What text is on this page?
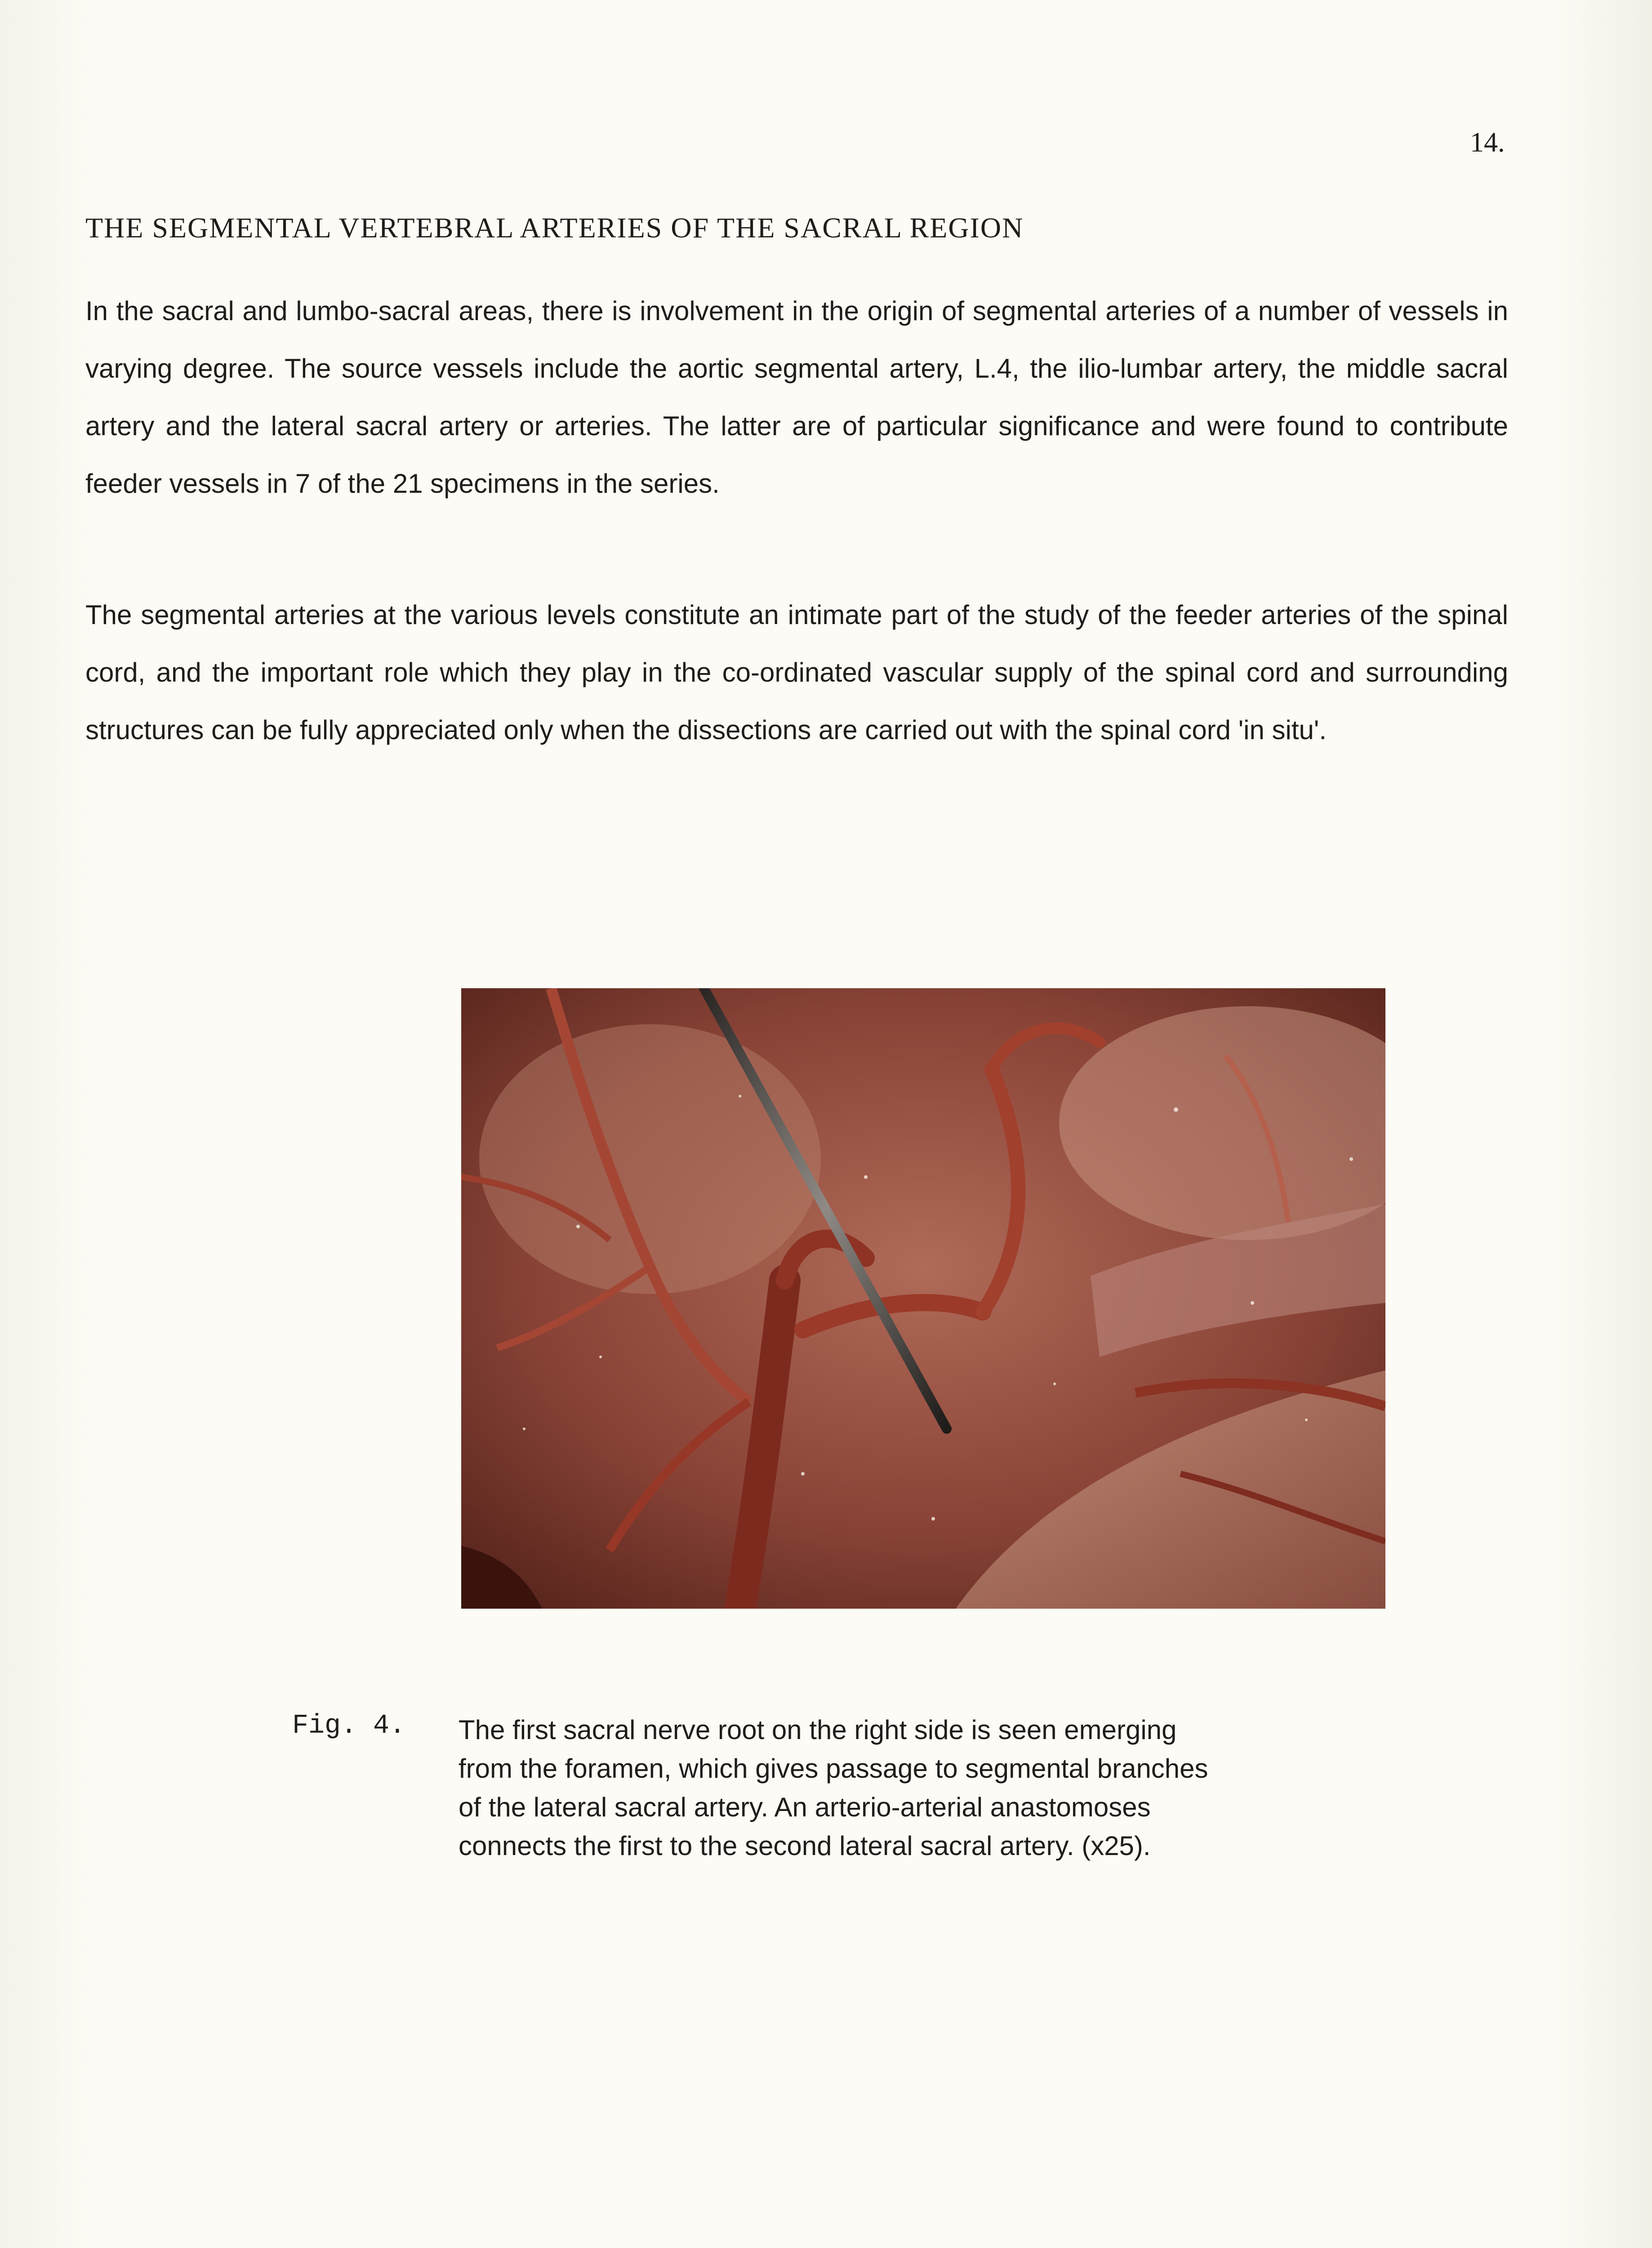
14.
THE SEGMENTAL VERTEBRAL ARTERIES OF THE SACRAL REGION

In the sacral and lumbo-sacral areas, there is involvement in the origin of segmental arteries of a number of vessels in varying degree. The source vessels include the aortic segmental artery, L.4, the ilio-lumbar artery, the middle sacral artery and the lateral sacral artery or arteries. The latter are of particular significance and were found to contribute feeder vessels in 7 of the 21 specimens in the series.

The segmental arteries at the various levels constitute an intimate part of the study of the feeder arteries of the spinal cord, and the important role which they play in the co-ordinated vascular supply of the spinal cord and surrounding structures can be fully appreciated only when the dissections are carried out with the spinal cord 'in situ'.

Fig. 4. The first sacral nerve root on the right side is seen emerging from the foramen, which gives passage to segmental branches of the lateral sacral artery. An arterio-arterial anastomoses connects the first to the second lateral sacral artery. (x25).
